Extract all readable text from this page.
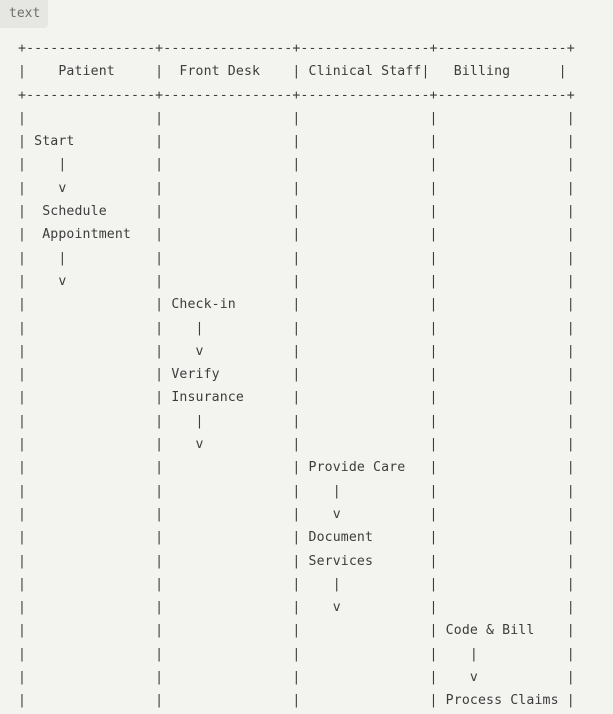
text
+----------------+----------------+----------------+----------------+
|    Patient     |  Front Desk    | Clinical Staff|   Billing      |
+----------------+----------------+----------------+----------------+
|                |                |                |                |
| Start          |                |                |                |
|    |           |                |                |                |
|    v           |                |                |                |
|  Schedule      |                |                |                |
|  Appointment   |                |                |                |
|    |           |                |                |                |
|    v           |                |                |                |
|                | Check-in       |                |                |
|                |    |           |                |                |
|                |    v           |                |                |
|                | Verify         |                |                |
|                | Insurance      |                |                |
|                |    |           |                |                |
|                |    v           |                |                |
|                |                | Provide Care   |                |
|                |                |    |           |                |
|                |                |    v           |                |
|                |                | Document       |                |
|                |                | Services       |                |
|                |                |    |           |                |
|                |                |    v           |                |
|                |                |                | Code & Bill    |
|                |                |                |    |           |
|                |                |                |    v           |
|                |                |                | Process Claims |
